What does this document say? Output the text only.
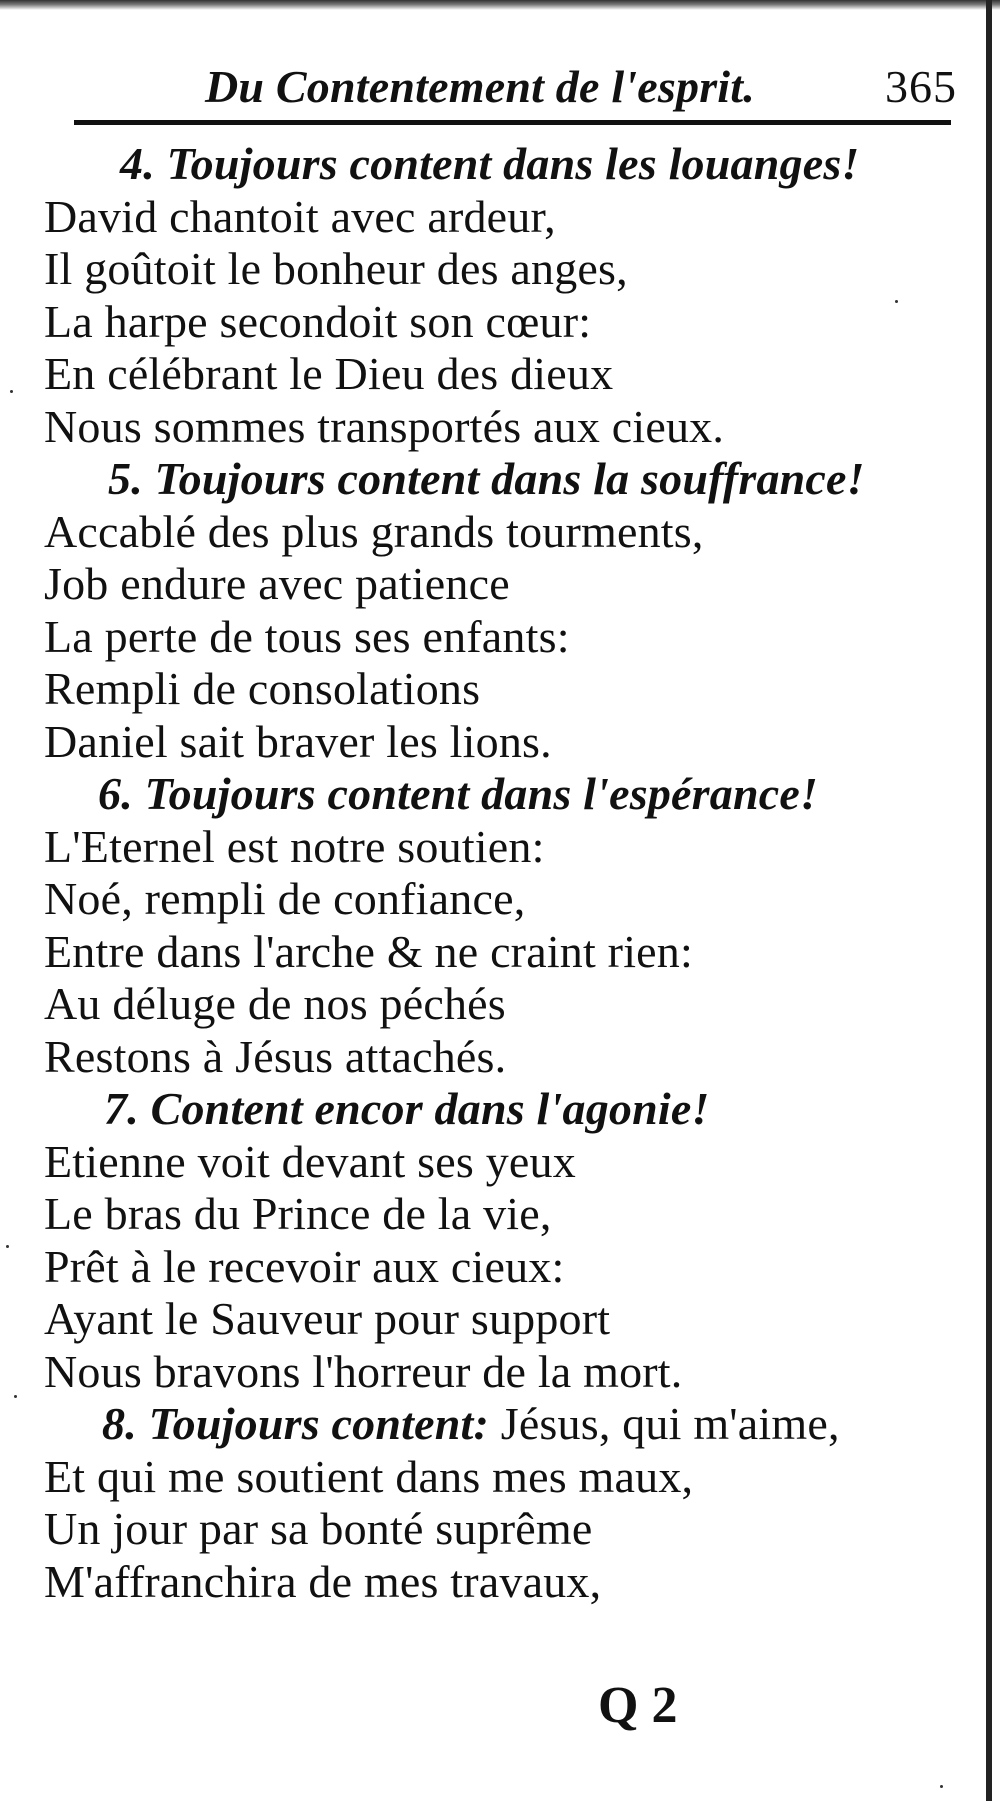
Du Contentement de l'esprit.	365
4. Toujours content dans les louanges!
David chantoit avec ardeur,
Il goûtoit le bonheur des anges,
La harpe secondoit son cœur:
En célébrant le Dieu des dieux
Nous sommes transportés aux cieux.
5. Toujours content dans la souffrance!
Accablé des plus grands tourments,
Job endure avec patience
La perte de tous ses enfants:
Rempli de consolations
Daniel sait braver les lions.
6. Toujours content dans l'espérance!
L'Eternel est notre soutien:
Noé, rempli de confiance,
Entre dans l'arche & ne craint rien:
Au déluge de nos péchés
Restons à Jésus attachés.
7. Content encor dans l'agonie!
Etienne voit devant ses yeux
Le bras du Prince de la vie,
Prêt à le recevoir aux cieux:
Ayant le Sauveur pour support
Nous bravons l'horreur de la mort.
8. Toujours content: Jésus, qui m'aime,
Et qui me soutient dans mes maux,
Un jour par sa bonté suprême
M'affranchira de mes travaux,
Q 2
